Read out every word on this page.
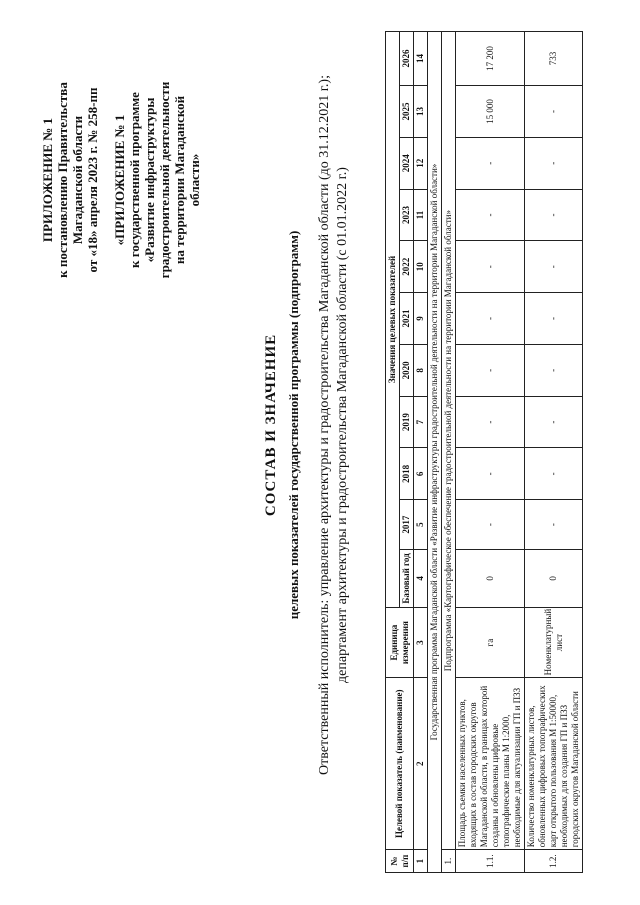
ПРИЛОЖЕНИЕ № 1 к постановлению Правительства Магаданской области от «18» апреля 2023 г. № 258-пп «ПРИЛОЖЕНИЕ № 1 к государственной программе «Развитие инфраструктуры градостроительной деятельности на территории Магаданской области»
СОСТАВ И ЗНАЧЕНИЕ целевых показателей государственной программы (подпрограмм) Ответственный исполнитель: управление архитектуры и градостроительства Магаданской области (до 31.12.2021 г.); департамент архитектуры и градостроительства Магаданской области (с 01.01.2022 г.)
№ п/п	Целевой показатель (наименование)	Единица измерения	Значения целевых показателей										
			Базовый год	2017	2018	2019	2020	2021	2022	2023	2024	2025	2026
1	2	3	4	5	6	7	8	9	10	11	12	13	14
Государственная программа Магаданской области «Развитие инфраструктуры градостроительной деятельности на территории Магаданской области»													
1.	Подпрограмма «Картографическое обеспечение градостроительной деятельности на территории Магаданской области»												
1.1.	Площадь съемки населенных пунктов, входящих в состав городских округов Магаданской области, в границах которой созданы и обновлены цифровые топографические планы М 1:2000, необходимые для актуализации ГП и ПЗЗ	га	0	-	-	-	-	-	-	-	-	15 000	17 200
1.2.	Количество номенклатурных листов, обновленных цифровых топографических карт открытого пользования М 1:50000, необходимых для создания ГП и ПЗЗ городских округов Магаданской области	Номенклатурный лист	0	-	-	-	-	-	-	-	-	-	733
